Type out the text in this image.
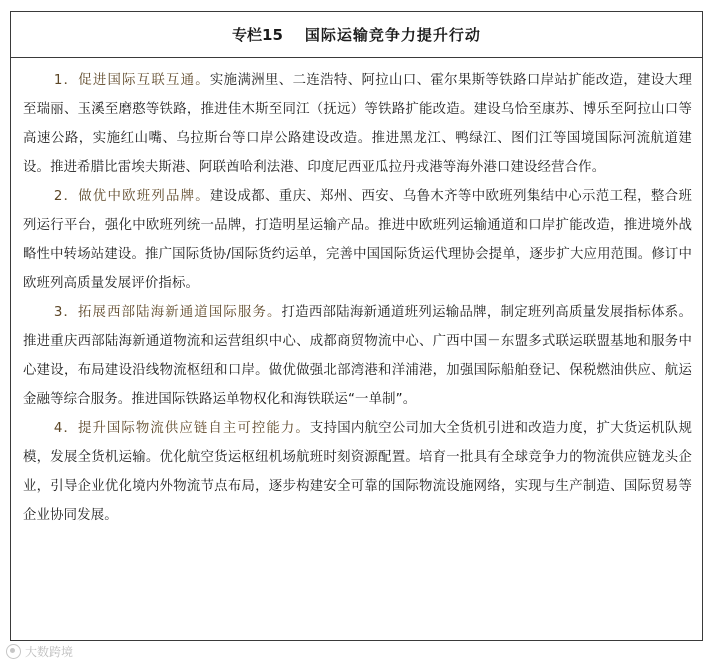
专栏15 国际运输竞争力提升行动

1．促进国际互联互通。实施满洲里、二连浩特、阿拉山口、霍尔果斯等铁路口岸站扩能改造，建设大理至瑞丽、玉溪至磨憨等铁路，推进佳木斯至同江（抚远）等铁路扩能改造。建设乌恰至康苏、博乐至阿拉山口等高速公路，实施红山嘴、乌拉斯台等口岸公路建设改造。推进黑龙江、鸭绿江、图们江等国境国际河流航道建设。推进希腊比雷埃夫斯港、阿联酋哈利法港、印度尼西亚瓜拉丹戎港等海外港口建设经营合作。

2．做优中欧班列品牌。建设成都、重庆、郑州、西安、乌鲁木齐等中欧班列集结中心示范工程，整合班列运行平台，强化中欧班列统一品牌，打造明星运输产品。推进中欧班列运输通道和口岸扩能改造，推进境外战略性中转场站建设。推广国际货协/国际货约运单，完善中国国际货运代理协会提单，逐步扩大应用范围。修订中欧班列高质量发展评价指标。

3．拓展西部陆海新通道国际服务。打造西部陆海新通道班列运输品牌，制定班列高质量发展指标体系。推进重庆西部陆海新通道物流和运营组织中心、成都商贸物流中心、广西中国－东盟多式联运联盟基地和服务中心建设，布局建设沿线物流枢纽和口岸。做优做强北部湾港和洋浦港，加强国际船舶登记、保税燃油供应、航运金融等综合服务。推进国际铁路运单物权化和海铁联运“一单制”。

4．提升国际物流供应链自主可控能力。支持国内航空公司加大全货机引进和改造力度，扩大货运机队规模，发展全货机运输。优化航空货运枢纽机场航班时刻资源配置。培育一批具有全球竞争力的物流供应链龙头企业，引导企业优化境内外物流节点布局，逐步构建安全可靠的国际物流设施网络，实现与生产制造、国际贸易等企业协同发展。

大数跨境
